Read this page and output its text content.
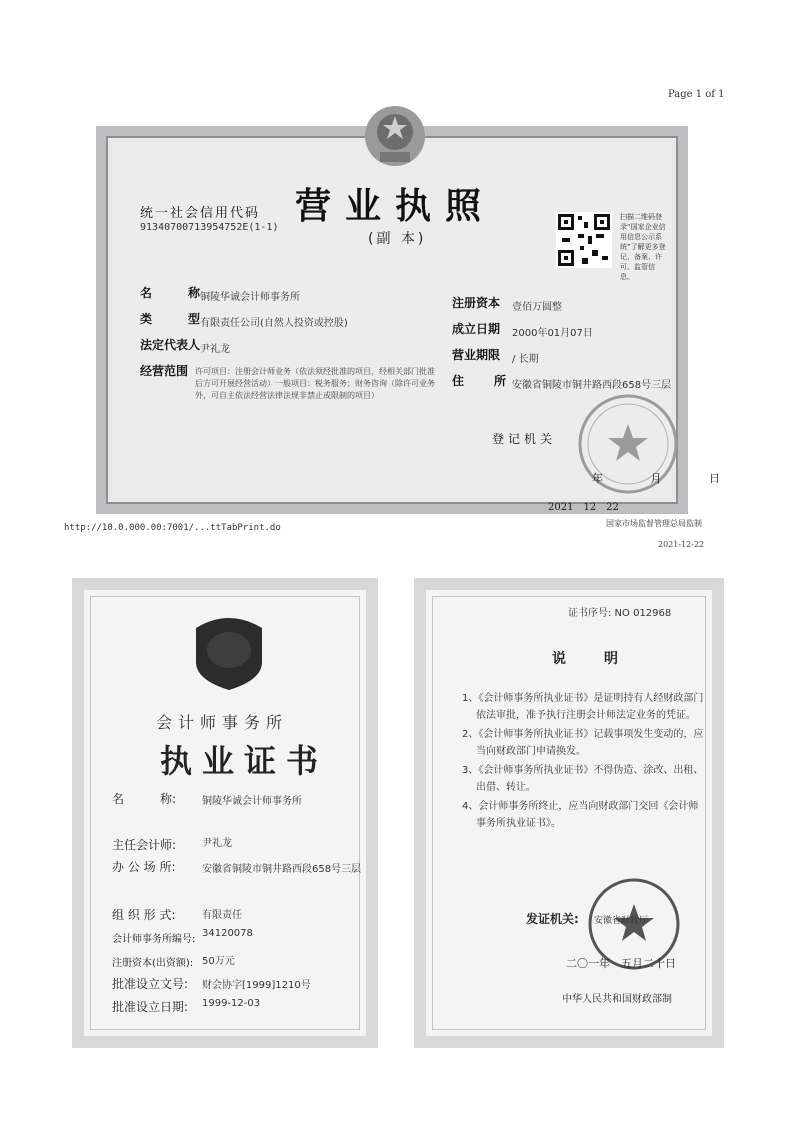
Page 1 of 1
营业执照
(副 本)
统一社会信用代码
91340700713954752E(1-1)
扫描二维码登录“国家企业信用信息公示系统”了解更多登记、备案、许可、监管信息。
名　　称
铜陵华诚会计师事务所
类　　型
有限责任公司(自然人投资或控股)
法定代表人 尹礼龙
经营范围 许可项目：注册会计师业务（依法须经批准的项目，经相关部门批准后方可开展经营活动）一般项目：税务服务；财务咨询（除许可业务外，可自主依法经营法律法规非禁止或限制的项目）
注册资本 壹佰万圆整
成立日期 2000年01月07日
营业期限 / 长期
住　　所 安徽省铜陵市铜井路西段658号三层
登记机关
年 月 日
2021　12　22
http://10.0.000.00:7001/...ttTabPrint.do	国家市场监督管理总局监制
2021-12-22
会计师事务所
执业证书
名　　　称:	铜陵华诚会计师事务所
主任会计师:	尹礼龙
办 公 场 所:	安徽省铜陵市铜井路西段658号三层
组 织 形 式:	有限责任
会计师事务所编号:
34120078
注册资本(出资额): 50万元
批准设立文号: 财会协字[1999]1210号
批准设立日期: 1999-12-03
证书序号: NO 012968
说　明

1、《会计师事务所执业证书》是证明持有人经财政部门依法审批，准予执行注册会计师法定业务的凭证。

2、《会计师事务所执业证书》记载事项发生变动的，应当向财政部门申请换发。

3、《会计师事务所执业证书》不得伪造、涂改、出租、出借、转让。

4、会计师事务所终止，应当向财政部门交回《会计师事务所执业证书》。

发证机关: 安徽省财政厅
二〇一年　五月二十日
中华人民共和国财政部制
